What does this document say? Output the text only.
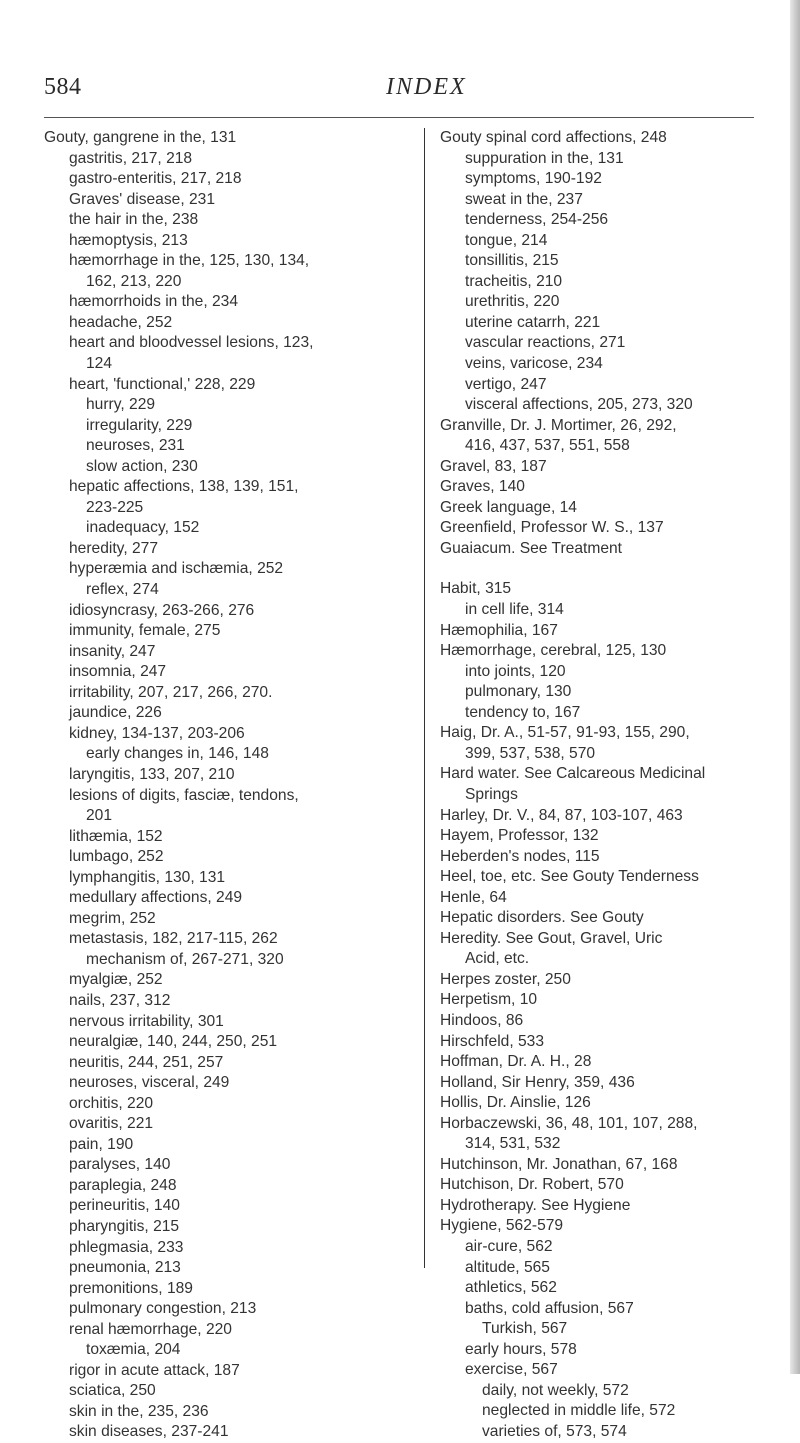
584	INDEX
Gouty, gangrene in the, 131
gastritis, 217, 218
gastro-enteritis, 217, 218
Graves' disease, 231
the hair in the, 238
hæmoptysis, 213
hæmorrhage in the, 125, 130, 134,
162, 213, 220
hæmorrhoids in the, 234
headache, 252
heart and bloodvessel lesions, 123,
124
heart, 'functional,' 228, 229
hurry, 229
irregularity, 229
neuroses, 231
slow action, 230
hepatic affections, 138, 139, 151,
223-225
inadequacy, 152
heredity, 277
hyperæmia and ischæmia, 252
reflex, 274
idiosyncrasy, 263-266, 276
immunity, female, 275
insanity, 247
insomnia, 247
irritability, 207, 217, 266, 270.
jaundice, 226
kidney, 134-137, 203-206
early changes in, 146, 148
laryngitis, 133, 207, 210
lesions of digits, fasciæ, tendons,
201
lithæmia, 152
lumbago, 252
lymphangitis, 130, 131
medullary affections, 249
megrim, 252
metastasis, 182, 217-115, 262
mechanism of, 267-271, 320
myalgiæ, 252
nails, 237, 312
nervous irritability, 301
neuralgiæ, 140, 244, 250, 251
neuritis, 244, 251, 257
neuroses, visceral, 249
orchitis, 220
ovaritis, 221
pain, 190
paralyses, 140
paraplegia, 248
perineuritis, 140
pharyngitis, 215
phlegmasia, 233
pneumonia, 213
premonitions, 189
pulmonary congestion, 213
renal hæmorrhage, 220
toxæmia, 204
rigor in acute attack, 187
sciatica, 250
skin in the, 235, 236
skin diseases, 237-241
Gouty spinal cord affections, 248
suppuration in the, 131
symptoms, 190-192
sweat in the, 237
tenderness, 254-256
tongue, 214
tonsillitis, 215
tracheitis, 210
urethritis, 220
uterine catarrh, 221
vascular reactions, 271
veins, varicose, 234
vertigo, 247
visceral affections, 205, 273, 320
Granville, Dr. J. Mortimer, 26, 292,
416, 437, 537, 551, 558
Gravel, 83, 187
Graves, 140
Greek language, 14
Greenfield, Professor W. S., 137
Guaiacum. See Treatment
Habit, 315
in cell life, 314
Hæmophilia, 167
Hæmorrhage, cerebral, 125, 130
into joints, 120
pulmonary, 130
tendency to, 167
Haig, Dr. A., 51-57, 91-93, 155, 290,
399, 537, 538, 570
Hard water. See Calcareous Medicinal
Springs
Harley, Dr. V., 84, 87, 103-107, 463
Hayem, Professor, 132
Heberden's nodes, 115
Heel, toe, etc. See Gouty Tenderness
Henle, 64
Hepatic disorders. See Gouty
Heredity. See Gout, Gravel, Uric
Acid, etc.
Herpes zoster, 250
Herpetism, 10
Hindoos, 86
Hirschfeld, 533
Hoffman, Dr. A. H., 28
Holland, Sir Henry, 359, 436
Hollis, Dr. Ainslie, 126
Horbaczewski, 36, 48, 101, 107, 288,
314, 531, 532
Hutchinson, Mr. Jonathan, 67, 168
Hutchison, Dr. Robert, 570
Hydrotherapy. See Hygiene
Hygiene, 562-579
air-cure, 562
altitude, 565
athletics, 562
baths, cold affusion, 567
Turkish, 567
early hours, 578
exercise, 567
daily, not weekly, 572
neglected in middle life, 572
varieties of, 573, 574
